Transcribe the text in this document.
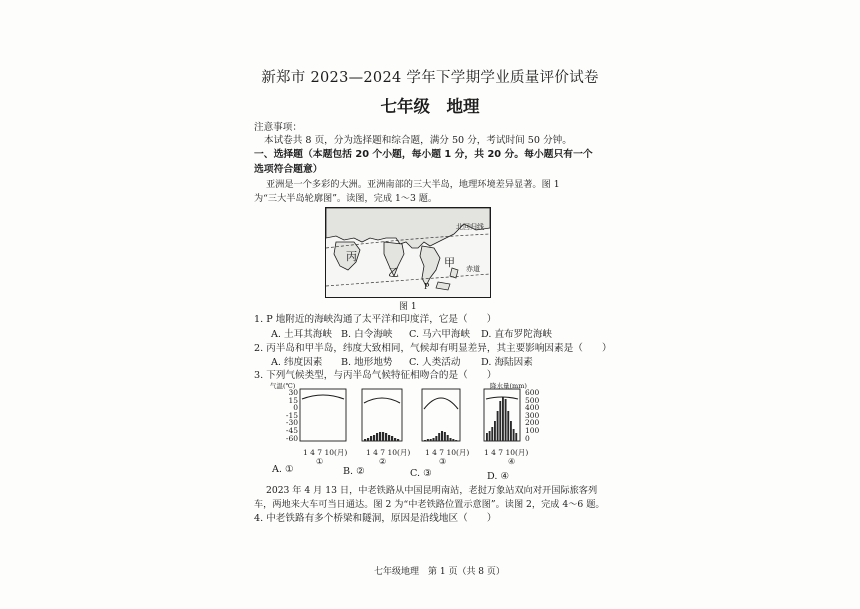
新郑市 2023—2024 学年下学期学业质量评价试卷
七年级　地理
注意事项：
本试卷共 8 页，分为选择题和综合题，满分 50 分，考试时间 50 分钟。
一、选择题（本题包括 20 个小题，每小题 1 分，共 20 分。每小题只有一个
选项符合题意）
亚洲是一个多彩的大洲。亚洲南部的三大半岛，地理环境差异显著。图 1
为“三大半岛轮廓图”。读图，完成 1～3 题。
北回归线
赤道
丙
乙
甲
P
图 1
1. P 地附近的海峡沟通了太平洋和印度洋，它是（　　）
A. 土耳其海峡 B. 白令海峡 C. 马六甲海峡 D. 直布罗陀海峡
2. 丙半岛和甲半岛，纬度大致相同，气候却有明显差异，其主要影响因素是（　　）
A. 纬度因素 B. 地形地势 C. 人类活动 D. 海陆因素
3. 下列气候类型，与丙半岛气候特征相吻合的是（　　）
气温(℃)	降水量(mm)
30
15
0
-15
-30
-45
-60
600
500
400
300
200
100
0
1 4 7 10(月) 1 4 7 10(月) 1 4 7 10(月) 1 4 7 10(月)
①	②	③	④
A. ①	B. ②	C. ③	D. ④
2023 年 4 月 13 日，中老铁路从中国昆明南站，老挝万象站双向对开国际旅客列
车，两地来大车可当日通达。图 2 为“中老铁路位置示意图”。读图 2，完成 4～6 题。
4. 中老铁路有多个桥梁和隧洞，原因是沿线地区（　　）
七年级地理　第 1 页（共 8 页）
